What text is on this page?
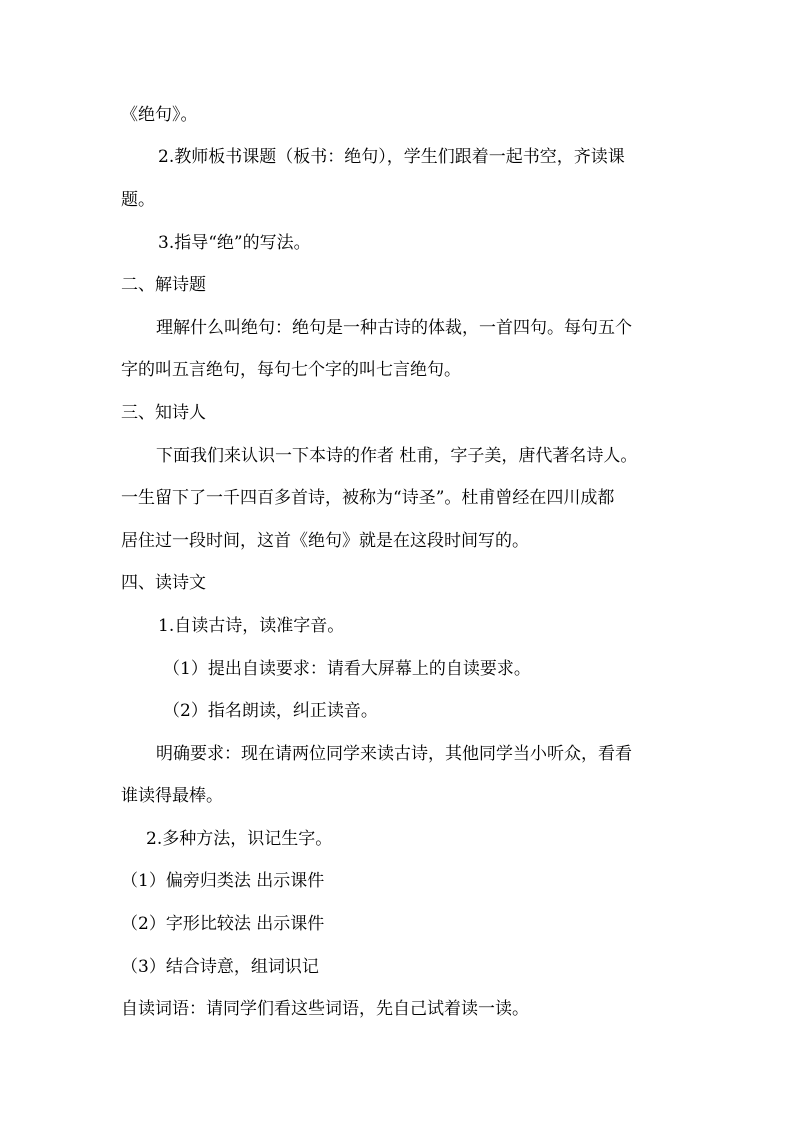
《绝句》。
2.教师板书课题（板书：绝句），学生们跟着一起书空，齐读课
题。
3.指导“绝”的写法。
二、解诗题
理解什么叫绝句：绝句是一种古诗的体裁，一首四句。每句五个
字的叫五言绝句，每句七个字的叫七言绝句。
三、知诗人
下面我们来认识一下本诗的作者 杜甫，字子美，唐代著名诗人。
一生留下了一千四百多首诗，被称为“诗圣”。杜甫曾经在四川成都
居住过一段时间，这首《绝句》就是在这段时间写的。
四、读诗文
1.自读古诗，读准字音。
（1）提出自读要求：请看大屏幕上的自读要求。
（2）指名朗读，纠正读音。
明确要求：现在请两位同学来读古诗，其他同学当小听众，看看
谁读得最棒。
2.多种方法，识记生字。
（1）偏旁归类法 出示课件
（2）字形比较法 出示课件
（3）结合诗意，组词识记
自读词语：请同学们看这些词语，先自己试着读一读。
